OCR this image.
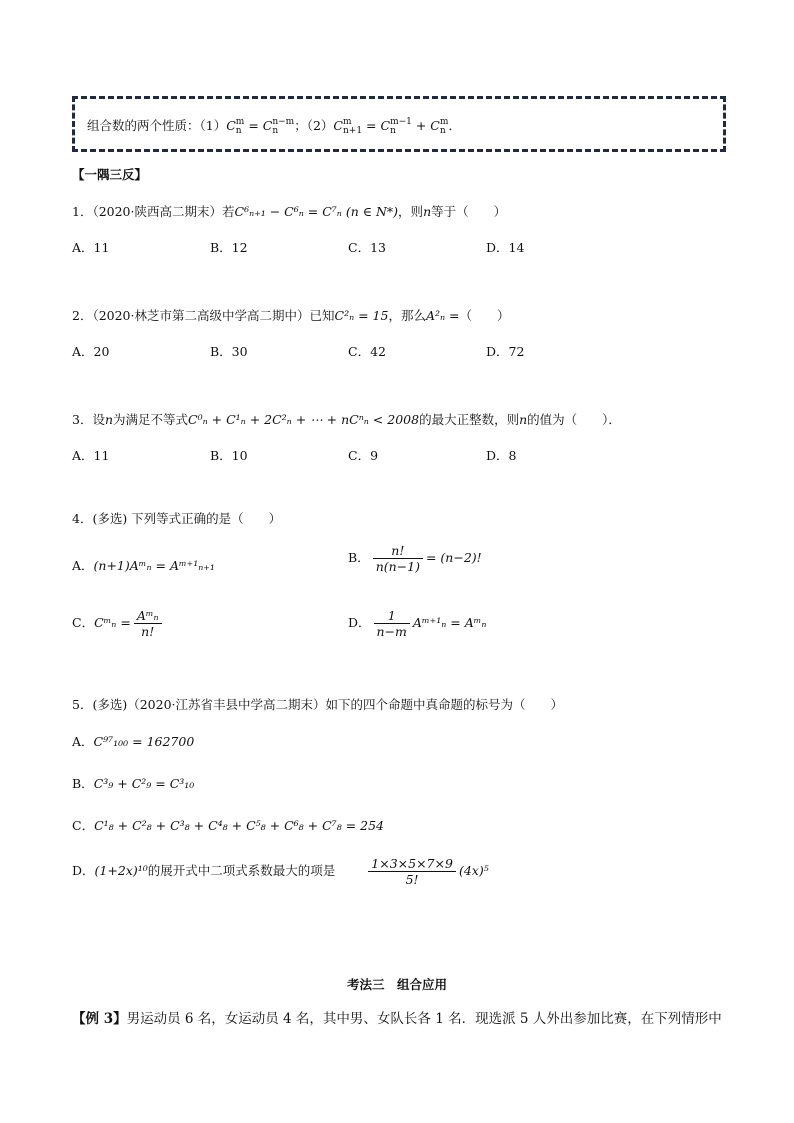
组合数的两个性质：（1）C m
n = C n−m
n	；（2）C m
n+1 = C m−1
n	+ C m
n ．
【一隅三反】
1．（2020·陕西高二期末）若C⁶ₙ₊₁ − C⁶ₙ = C⁷ₙ (n ∈ N*)，则n等于（　　）
A．11	B．12	C．13	D．14
2．（2020·林芝市第二高级中学高二期中）已知C²ₙ = 15，那么A²ₙ =（　　）
A．20	B．30	C．42	D．72
3．设n为满足不等式C⁰ₙ + C¹ₙ + 2C²ₙ + ⋯ + nCⁿₙ < 2008的最大正整数，则n的值为（　　）．
A．11	B．10	C．9	D．8
4．(多选) 下列等式正确的是（　　）
A．(n+1)Aᵐₙ = Aᵐ⁺¹ₙ₊₁
B． $\frac{n!}{n(n-1)} = (n-2)$!
C．Cᵐₙ = $\frac{\text{Aᵐₙ}}{n!}$	D． $\frac{1}{n-m}$ Aᵐ⁺¹ₙ = Aᵐₙ
5．(多选)（2020·江苏省丰县中学高二期末）如下的四个命题中真命题的标号为（　　）
A．C⁹⁷₁₀₀ = 162700
B．C³₉ + C²₉ = C³₁₀
C．C¹₈ + C²₈ + C³₈ + C⁴₈ + C⁵₈ + C⁶₈ + C⁷₈ = 254
D．(1+2x)¹⁰的展开式中二项式系数最大的项是	$\frac{1\times 3\times 5\times 7\times 9}{5!} (4x)^5$
考法三　组合应用
【例 3】男运动员 6 名，女运动员 4 名，其中男、女队长各 1 名．现选派 5 人外出参加比赛，在下列情形中
